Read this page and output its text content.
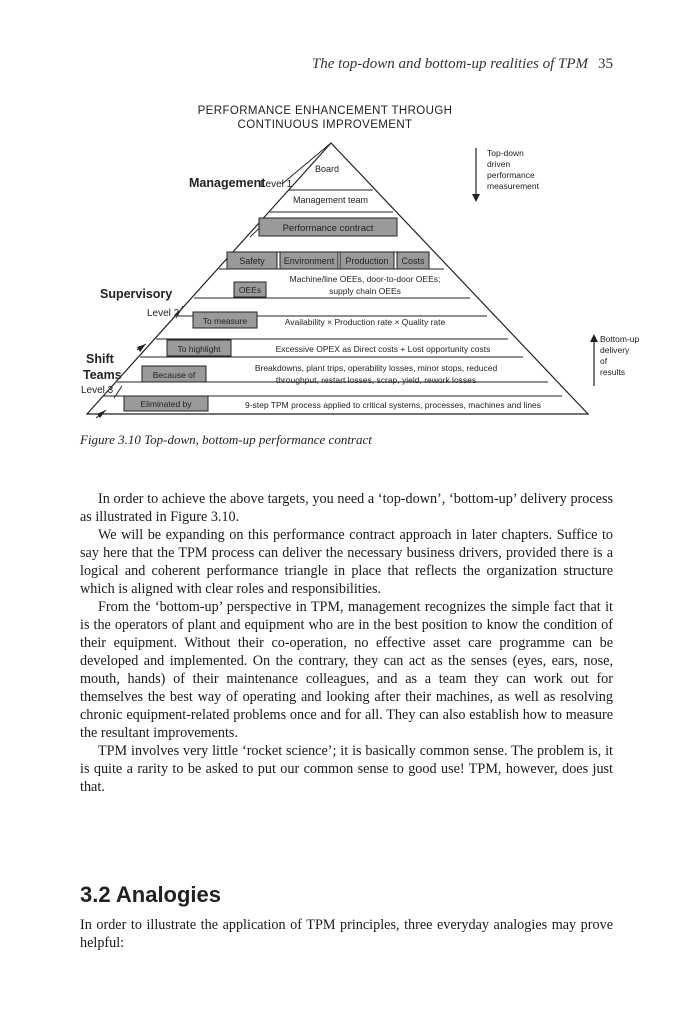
The top-down and bottom-up realities of TPM 35
PERFORMANCE ENHANCEMENT THROUGH
CONTINUOUS IMPROVEMENT
Management
Level 1
Supervisory
Level 2
Shift
Teams
Level 3
Board
Management team
Performance contract
Safety Environment Production Costs
OEEs
Machine/line OEEs, door-to-door OEEs;
supply chain OEEs
To measure	Availability × Production rate × Quality rate
To highlight	Excessive OPEX as Direct costs + Lost opportunity costs
Because of
Breakdowns, plant trips, operability losses, minor stops, reduced
throughput, restart losses, scrap, yield, rework losses
Eliminated by	9-step TPM process applied to critical systems, processes, machines and lines
Top-down
driven
performance
measurement
Bottom-up
delivery
of
results
Figure 3.10 Top-down, bottom-up performance contract

In order to achieve the above targets, you need a ‘top-down’, ‘bottom-up’ delivery process as illustrated in Figure 3.10.

We will be expanding on this performance contract approach in later chapters. Suffice to say here that the TPM process can deliver the necessary business drivers, provided there is a logical and coherent performance triangle in place that reflects the organization structure which is aligned with clear roles and responsibilities.

From the ‘bottom-up’ perspective in TPM, management recognizes the simple fact that it is the operators of plant and equipment who are in the best position to know the condition of their equipment. Without their co-operation, no effective asset care programme can be developed and implemented. On the contrary, they can act as the senses (eyes, ears, nose, mouth, hands) of their maintenance colleagues, and as a team they can work out for themselves the best way of operating and looking after their machines, as well as resolving chronic equipment-related problems once and for all. They can also establish how to measure the resultant improvements.

TPM involves very little ‘rocket science’; it is basically common sense. The problem is, it is quite a rarity to be asked to put our common sense to good use! TPM, however, does just that.

3.2 Analogies
In order to illustrate the application of TPM principles, three everyday analogies may prove helpful:
